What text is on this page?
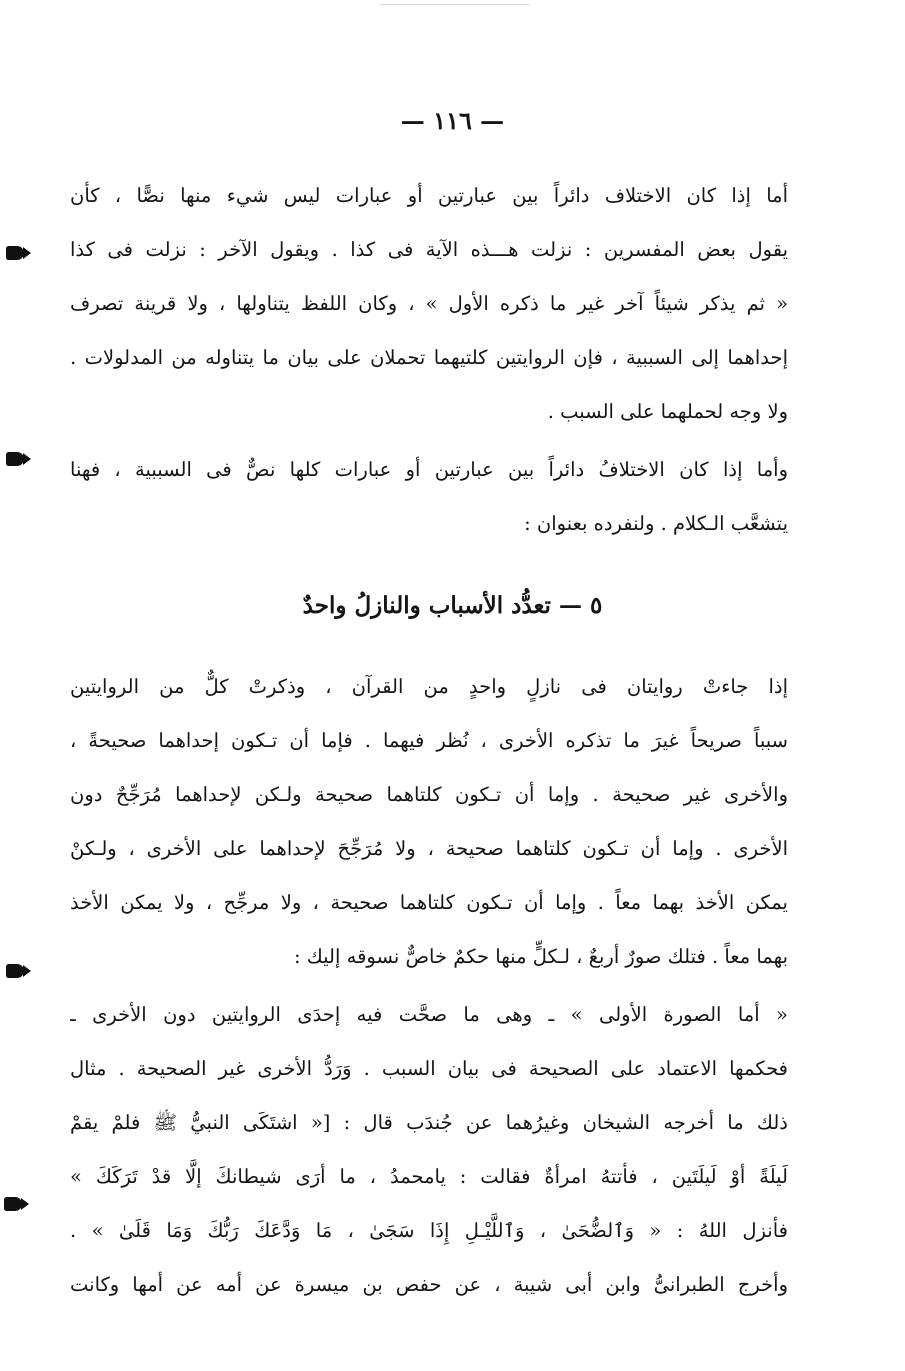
— ١١٦ —
أما إذا كان الاختلاف دائراً بين عبارتين أو عبارات ليس شيء منها نصًّا ، كأن
يقول بعض المفسرين : نزلت هـــذه الآية فى كذا . ويقول الآخر : نزلت فى كذا
« ثم يذكر شيئاً آخر غير ما ذكره الأول » ، وكان اللفظ يتناولها ، ولا قرينة تصرف
إحداهما إلى السببية ، فإن الروايتين كلتيهما تحملان على بيان ما يتناوله من المدلولات .
ولا وجه لحملهما على السبب .
وأما إذا كان الاختلافُ دائراً بين عبارتين أو عبارات كلها نصٌّ فى السببية ، فهنا
يتشعَّب الـكلام . ولنفرده بعنوان :
٥ — تعدُّد الأسباب والنازلُ واحدٌ
إذا جاءتْ روايتان فى نازلٍ واحدٍ من القرآن ، وذكرتْ كلٌّ من الروايتين
سبباً صريحاً غيرَ ما تذكره الأخرى ، نُظر فيهما . فإما أن تـكون إحداهما صحيحةً ،
والأخرى غير صحيحة . وإما أن تـكون كلتاهما صحيحة ولـكن لإحداهما مُرَجِّحٌ دون
الأخرى . وإما أن تـكون كلتاهما صحيحة ، ولا مُرَجِّحَ لإحداهما على الأخرى ، ولـكنْ
يمكن الأخذ بهما معاً . وإما أن تـكون كلتاهما صحيحة ، ولا مرجِّح ، ولا يمكن الأخذ
بهما معاً . فتلك صورٌ أربعٌ ، لـكلٍّ منها حكمٌ خاصٌّ نسوقه إليك :
« أما الصورة الأولى » ـ وهى ما صحَّت فيه إحدَى الروايتين دون الأخرى ـ
فحكمها الاعتماد على الصحيحة فى بيان السبب . وَرَدُّ الأخرى غير الصحيحة . مثال
ذلك ما أخرجه الشيخان وغيرُهما عن جُندَب قال : [« اشتَكَى النبيُّ ﷺ فلمْ يقمْ
لَيلَةً أوْ لَيلَتَين ، فأتتهُ امرأةٌ فقالت : يامحمدُ ، ما أرَى شيطانكَ إلَّا قدْ تَرَكَكَ »
فأنزل اللهُ : « وَٱلضُّحَىٰ ، وَٱللَّيْـلِ إِذَا سَجَىٰ ، مَا وَدَّعَكَ رَبُّكَ وَمَا قَلَىٰ » .
وأخرج الطبرانىُّ وابن أبى شيبة ، عن حفص بن ميسرة عن أمه عن أمها وكانت
